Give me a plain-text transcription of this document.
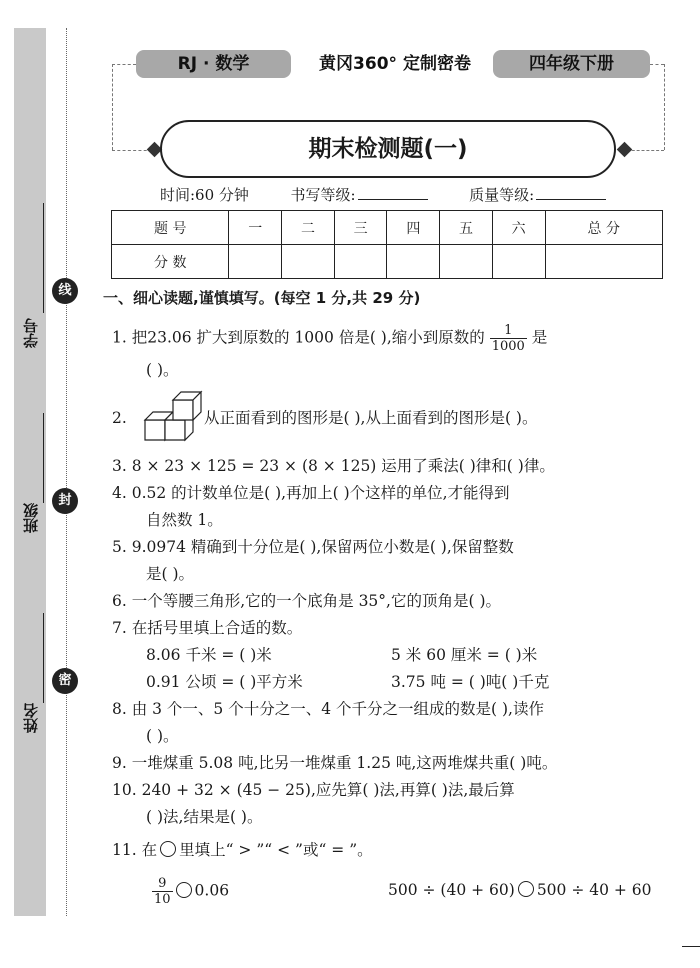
姓名
班级
学号
线
封
密
RJ · 数学	黄冈360° 定制密卷	四年级下册
期末检测题(一)
时间:60 分钟	书写等级:	质量等级:
题 号	一	二	三	四	五	六	总 分
分 数							
一、细心读题,谨慎填写。(每空 1 分,共 29 分)
1. 把23.06 扩大到原数的 1000 倍是( ),缩小到原数的 $\frac{1}{1000}$ 是
( )。
2.	从正面看到的图形是( ),从上面看到的图形是( )。
3. 8 × 23 × 125 = 23 × (8 × 125) 运用了乘法( )律和( )律。
4. 0.52 的计数单位是( ),再加上( )个这样的单位,才能得到
自然数 1。
5. 9.0974 精确到十分位是( ),保留两位小数是( ),保留整数
是( )。
6. 一个等腰三角形,它的一个底角是 35°,它的顶角是( )。
7. 在括号里填上合适的数。
8.06 千米 = ( )米	5 米 60 厘米 = ( )米
0.91 公顷 = ( )平方米	3.75 吨 = ( )吨( )千克
8. 由 3 个一、5 个十分之一、4 个千分之一组成的数是( ),读作
( )。
9. 一堆煤重 5.08 吨,比另一堆煤重 1.25 吨,这两堆煤共重( )吨。
10. 240 + 32 × (45 − 25),应先算( )法,再算( )法,最后算
( )法,结果是( )。
11. 在 里填上“ > ”“ < ”或“ = ”。
$\frac{9}{10} 0.06$	500 ÷ (40 + 60) 500 ÷ 40 + 60
